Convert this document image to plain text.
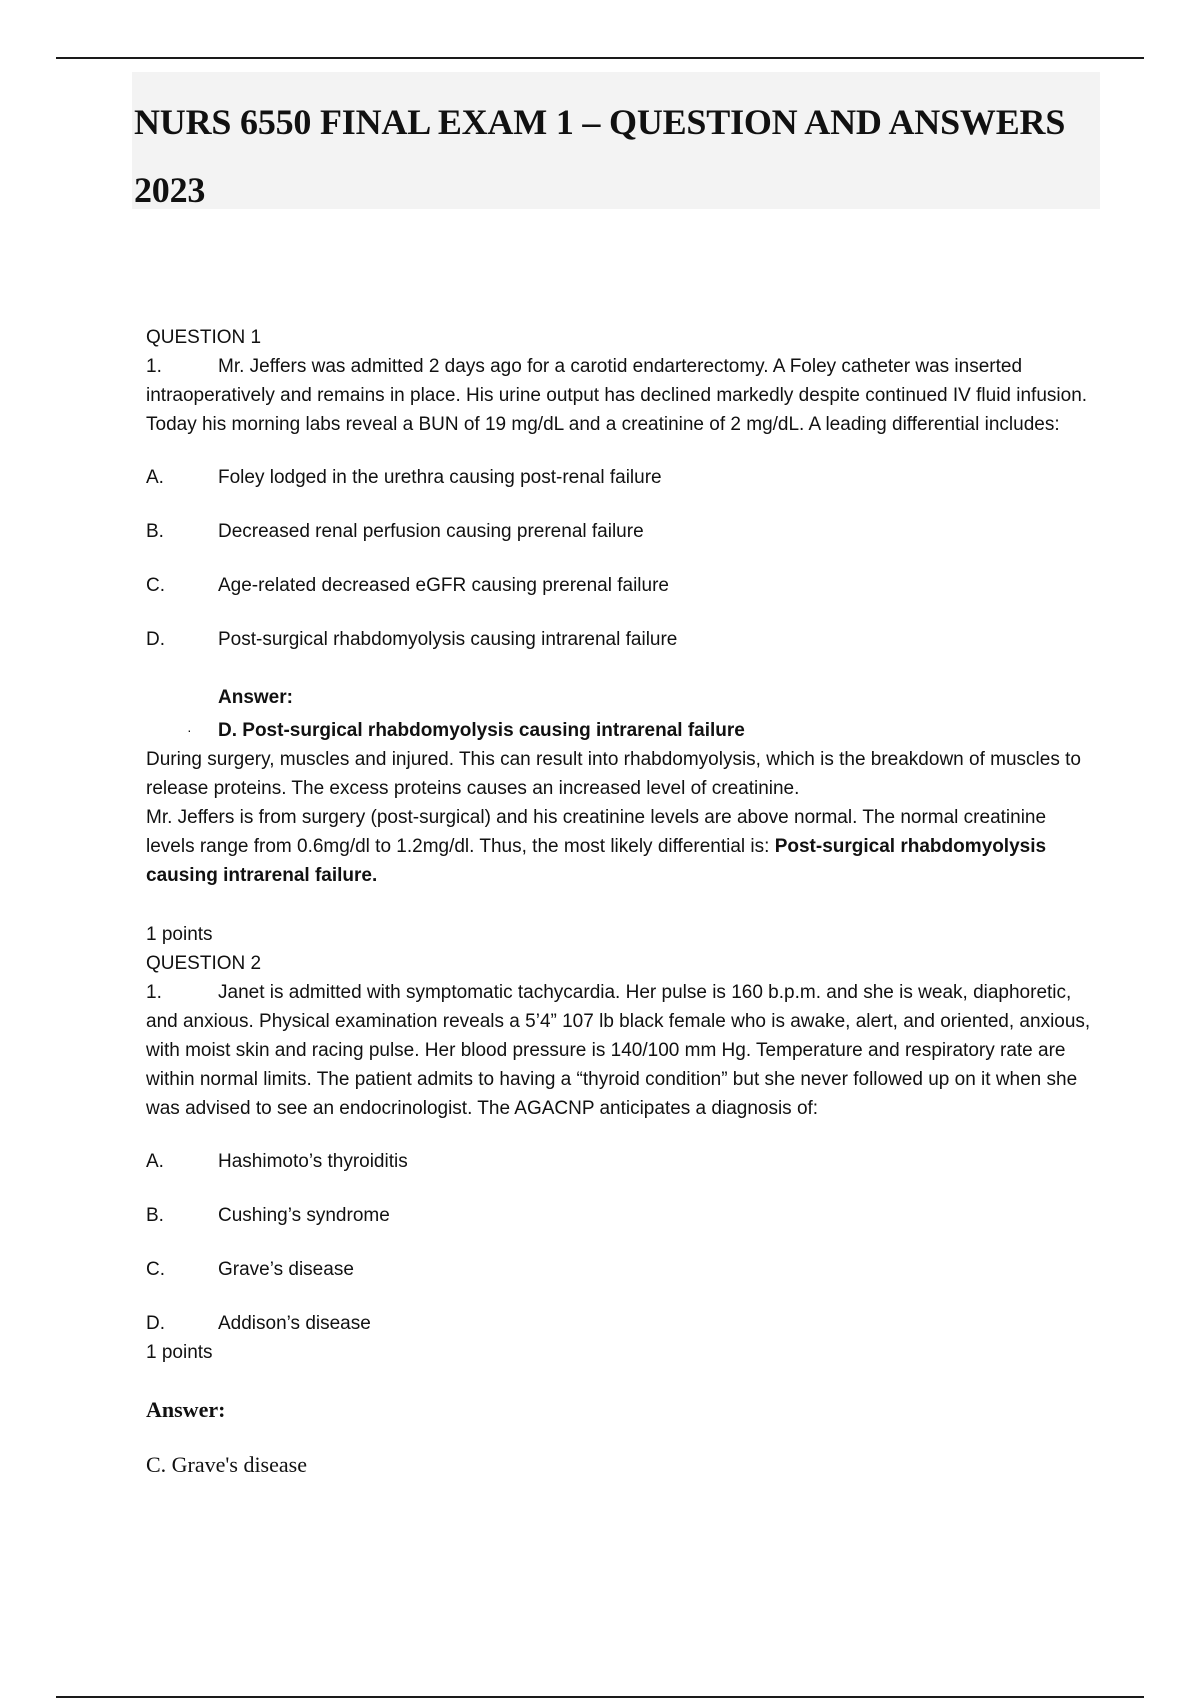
NURS 6550 FINAL EXAM 1 – QUESTION AND ANSWERS
2023

QUESTION 1

1.	Mr. Jeffers was admitted 2 days ago for a carotid endarterectomy. A Foley catheter was inserted intraoperatively and remains in place. His urine output has declined markedly despite continued IV fluid infusion. Today his morning labs reveal a BUN of 19 mg/dL and a creatinine of 2 mg/dL. A leading differential includes:

A.	Foley lodged in the urethra causing post-renal failure
B.	Decreased renal perfusion causing prerenal failure
C.	Age-related decreased eGFR causing prerenal failure
D.	Post-surgical rhabdomyolysis causing intrarenal failure
Answer:
· D. Post-surgical rhabdomyolysis causing intrarenal failure

During surgery, muscles and injured. This can result into rhabdomyolysis, which is the breakdown of muscles to release proteins. The excess proteins causes an increased level of creatinine.

Mr. Jeffers is from surgery (post-surgical) and his creatinine levels are above normal. The normal creatinine levels range from 0.6mg/dl to 1.2mg/dl. Thus, the most likely differential is: Post-surgical rhabdomyolysis causing intrarenal failure.

1 points

QUESTION 2

1.	Janet is admitted with symptomatic tachycardia. Her pulse is 160 b.p.m. and she is weak, diaphoretic, and anxious. Physical examination reveals a 5’4” 107 lb black female who is awake, alert, and oriented, anxious, with moist skin and racing pulse. Her blood pressure is 140/100 mm Hg. Temperature and respiratory rate are within normal limits. The patient admits to having a “thyroid condition” but she never followed up on it when she was advised to see an endocrinologist. The AGACNP anticipates a diagnosis of:

A.	Hashimoto’s thyroiditis
B.	Cushing’s syndrome
C.	Grave’s disease
D.	Addison’s disease

1 points

Answer:
C. Grave's disease
